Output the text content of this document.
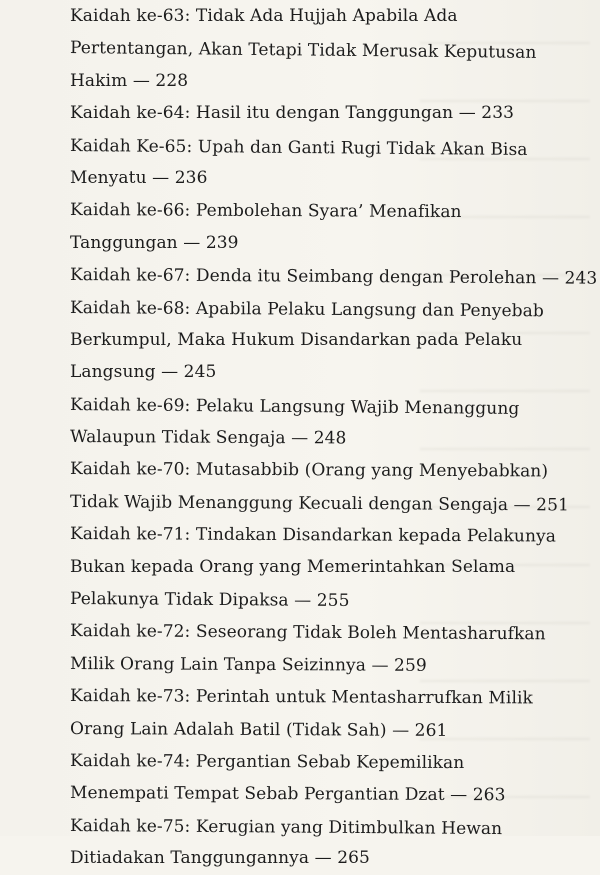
Kaidah ke-63: Tidak Ada Hujjah Apabila Ada
Pertentangan, Akan Tetapi Tidak Merusak Keputusan
Hakim — 228
Kaidah ke-64: Hasil itu dengan Tanggungan — 233
Kaidah Ke-65: Upah dan Ganti Rugi Tidak Akan Bisa
Menyatu — 236
Kaidah ke-66: Pembolehan Syara’ Menafikan
Tanggungan — 239
Kaidah ke-67: Denda itu Seimbang dengan Perolehan — 243
Kaidah ke-68: Apabila Pelaku Langsung dan Penyebab
Berkumpul, Maka Hukum Disandarkan pada Pelaku
Langsung — 245
Kaidah ke-69: Pelaku Langsung Wajib Menanggung
Walaupun Tidak Sengaja — 248
Kaidah ke-70: Mutasabbib (Orang yang Menyebabkan)
Tidak Wajib Menanggung Kecuali dengan Sengaja — 251
Kaidah ke-71: Tindakan Disandarkan kepada Pelakunya
Bukan kepada Orang yang Memerintahkan Selama
Pelakunya Tidak Dipaksa — 255
Kaidah ke-72: Seseorang Tidak Boleh Mentasharufkan
Milik Orang Lain Tanpa Seizinnya — 259
Kaidah ke-73: Perintah untuk Mentasharrufkan Milik
Orang Lain Adalah Batil (Tidak Sah) — 261
Kaidah ke-74: Pergantian Sebab Kepemilikan
Menempati Tempat Sebab Pergantian Dzat — 263
Kaidah ke-75: Kerugian yang Ditimbulkan Hewan
Ditiadakan Tanggungannya — 265
